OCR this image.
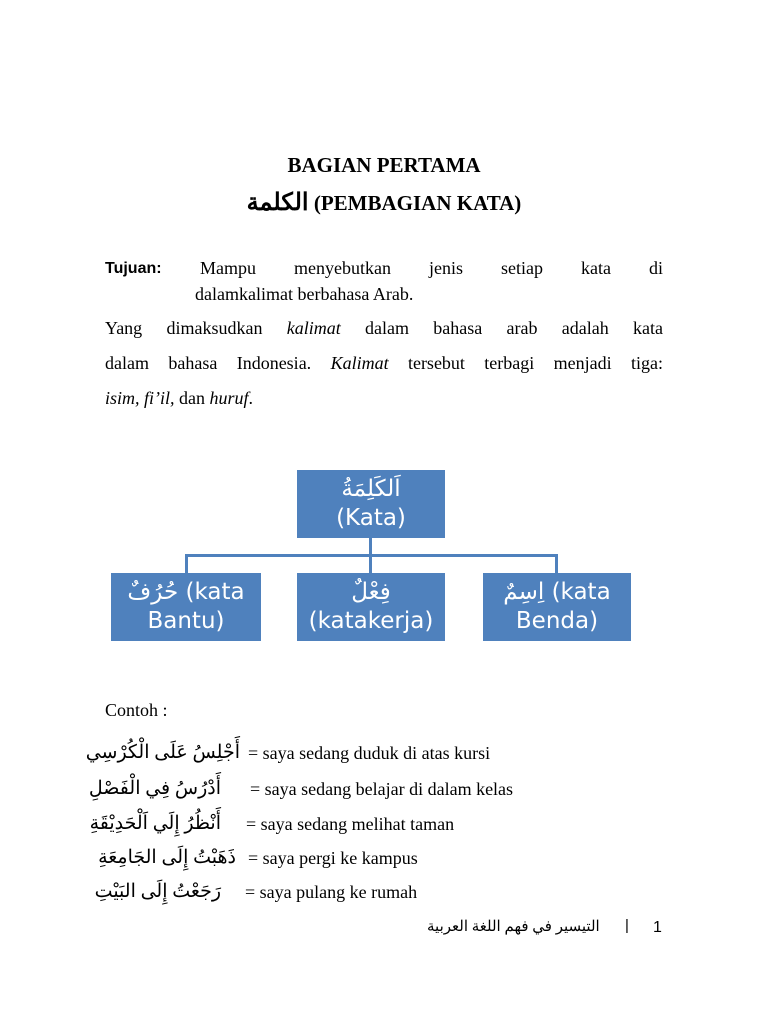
BAGIAN PERTAMA
الكلمة (PEMBAGIAN KATA)
Tujuan: Mampu menyebutkan jenis setiap kata di
dalamkalimat berbahasa Arab.
Yang dimaksudkan kalimat dalam bahasa arab adalah kata
dalam bahasa Indonesia. Kalimat tersebut terbagi menjadi tiga:
isim, fi’il, dan huruf.
اَلكَلِمَةُ
(Kata)
حُرُفٌ (kata
Bantu)
فِعْلٌ
(katakerja)
اِسِمٌ (kata
Benda)
Contoh :
أَجْلِسُ عَلَى الْكُرْسِي = saya sedang duduk di atas kursi
أَدْرُسُ فِي الْفَصْلِ = saya sedang belajar di dalam kelas
أَنْظُرُ إِلَي اَلْحَدِيْقَةِ = saya sedang melihat taman
ذَهَبْتُ إِلَى الجَامِعَةِ = saya pergi ke kampus
رَجَعْتُ إِلَى البَيْتِ = saya pulang ke rumah
التيسير في فهم اللغة العربية | 1
